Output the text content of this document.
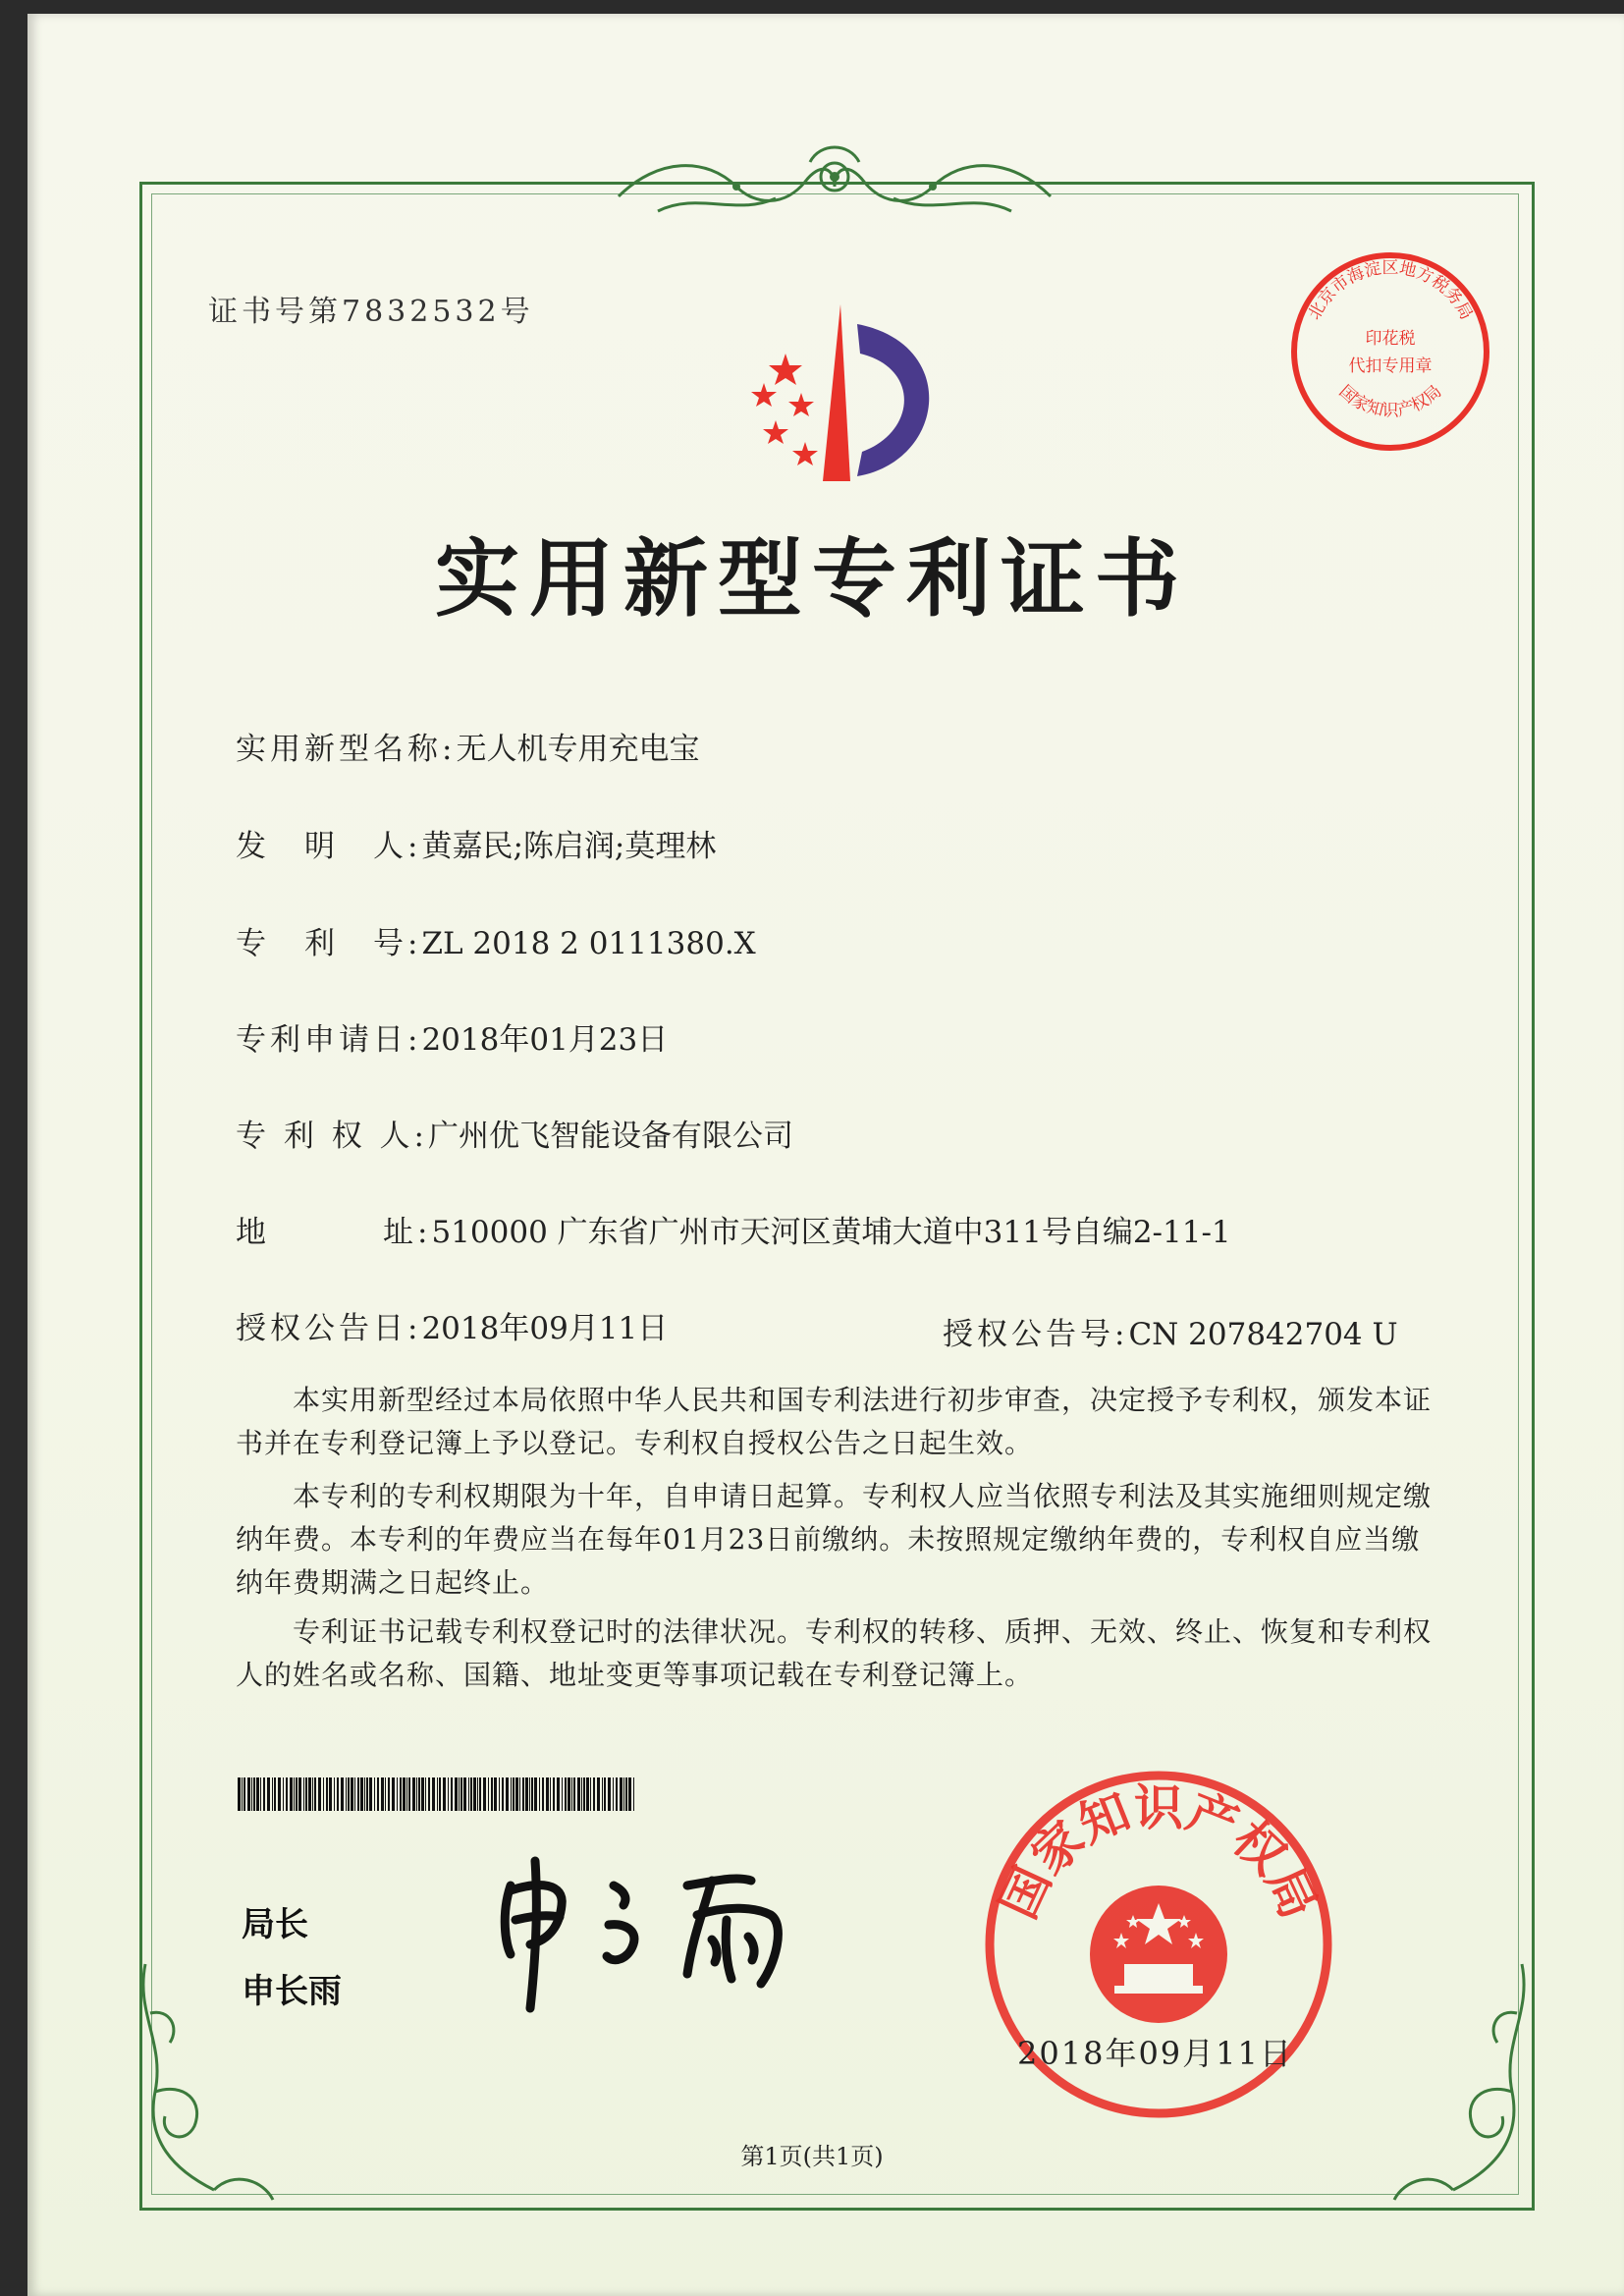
证书号第7832532号	北京市海淀区地方税务局
国家知识产权局
印花税
代扣专用章
实用新型专利证书
实用新型名称:无人机专用充电宝
发　明　人:黄嘉民;陈启润;莫理林
专　利　号:ZL 2018 2 0111380.X
专利申请日:2018年01月23日
专 利 权 人:广州优飞智能设备有限公司
地	址:510000 广东省广州市天河区黄埔大道中311号自编2-11-1
授权公告日:2018年09月11日	授权公告号:CN 207842704 U
本实用新型经过本局依照中华人民共和国专利法进行初步审查，决定授予专利权，颁发本证书并在专利登记簿上予以登记。专利权自授权公告之日起生效。
本专利的专利权期限为十年，自申请日起算。专利权人应当依照专利法及其实施细则规定缴纳年费。本专利的年费应当在每年01月23日前缴纳。未按照规定缴纳年费的，专利权自应当缴纳年费期满之日起终止。
专利证书记载专利权登记时的法律状况。专利权的转移、质押、无效、终止、恢复和专利权人的姓名或名称、国籍、地址变更等事项记载在专利登记簿上。
局长
申长雨
国家知识产权局
2018年09月11日
第1页(共1页)
